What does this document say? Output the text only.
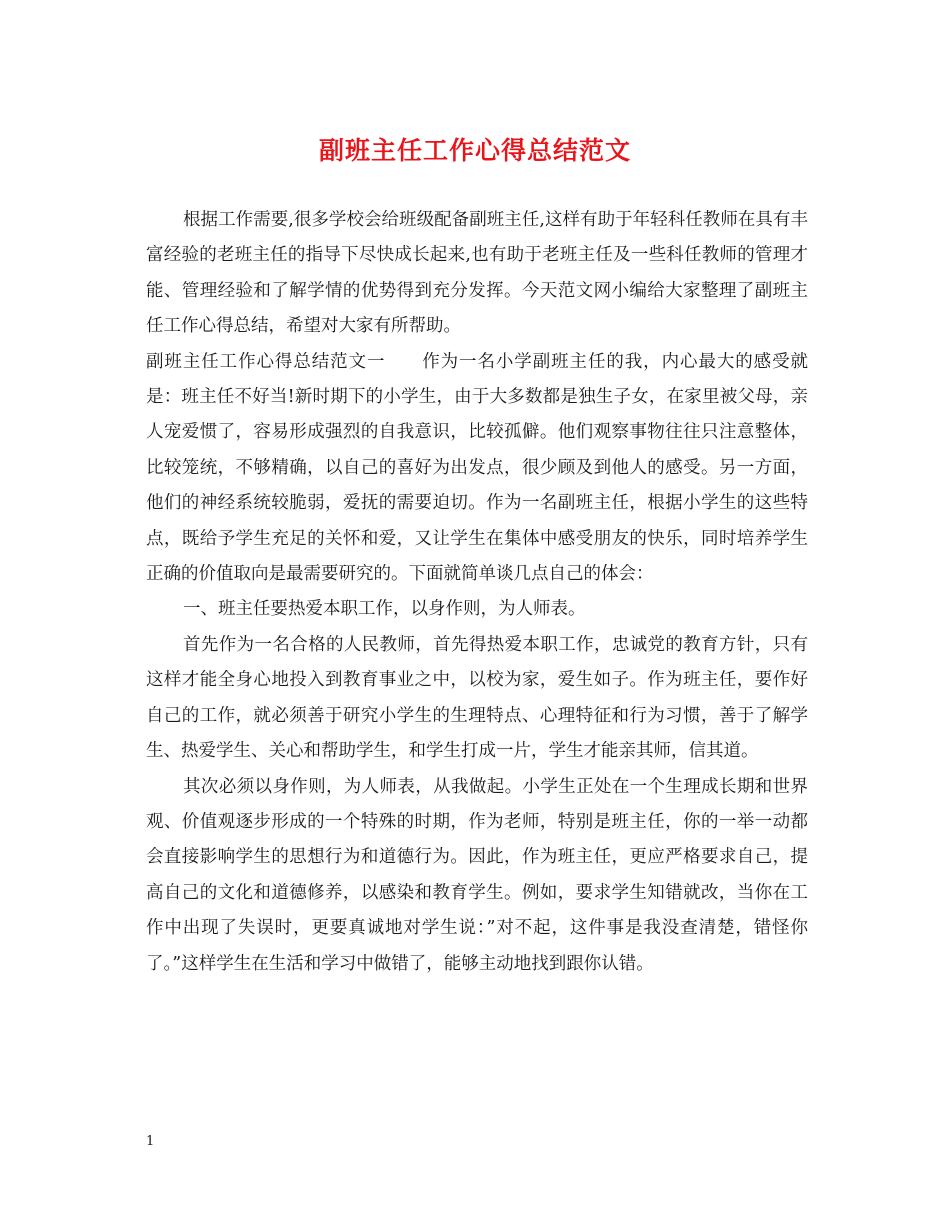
副班主任工作心得总结范文

根据工作需要,很多学校会给班级配备副班主任,这样有助于年轻科任教师在具有丰富经验的老班主任的指导下尽快成长起来,也有助于老班主任及一些科任教师的管理才能、管理经验和了解学情的优势得到充分发挥。今天范文网小编给大家整理了副班主任工作心得总结，希望对大家有所帮助。

副班主任工作心得总结范文一　　作为一名小学副班主任的我，内心最大的感受就是：班主任不好当!新时期下的小学生，由于大多数都是独生子女，在家里被父母，亲人宠爱惯了，容易形成强烈的自我意识，比较孤僻。他们观察事物往往只注意整体，比较笼统，不够精确，以自己的喜好为出发点，很少顾及到他人的感受。另一方面，他们的神经系统较脆弱，爱抚的需要迫切。作为一名副班主任，根据小学生的这些特点，既给予学生充足的关怀和爱，又让学生在集体中感受朋友的快乐，同时培养学生正确的价值取向是最需要研究的。下面就简单谈几点自己的体会：

一、班主任要热爱本职工作，以身作则，为人师表。

首先作为一名合格的人民教师，首先得热爱本职工作，忠诚党的教育方针，只有这样才能全身心地投入到教育事业之中，以校为家，爱生如子。作为班主任，要作好自己的工作，就必须善于研究小学生的生理特点、心理特征和行为习惯，善于了解学生、热爱学生、关心和帮助学生，和学生打成一片，学生才能亲其师，信其道。

其次必须以身作则，为人师表，从我做起。小学生正处在一个生理成长期和世界观、价值观逐步形成的一个特殊的时期，作为老师，特别是班主任，你的一举一动都会直接影响学生的思想行为和道德行为。因此，作为班主任，更应严格要求自己，提高自己的文化和道德修养，以感染和教育学生。例如，要求学生知错就改，当你在工作中出现了失误时，更要真诚地对学生说：”对不起，这件事是我没查清楚，错怪你了。”这样学生在生活和学习中做错了，能够主动地找到跟你认错。

1
